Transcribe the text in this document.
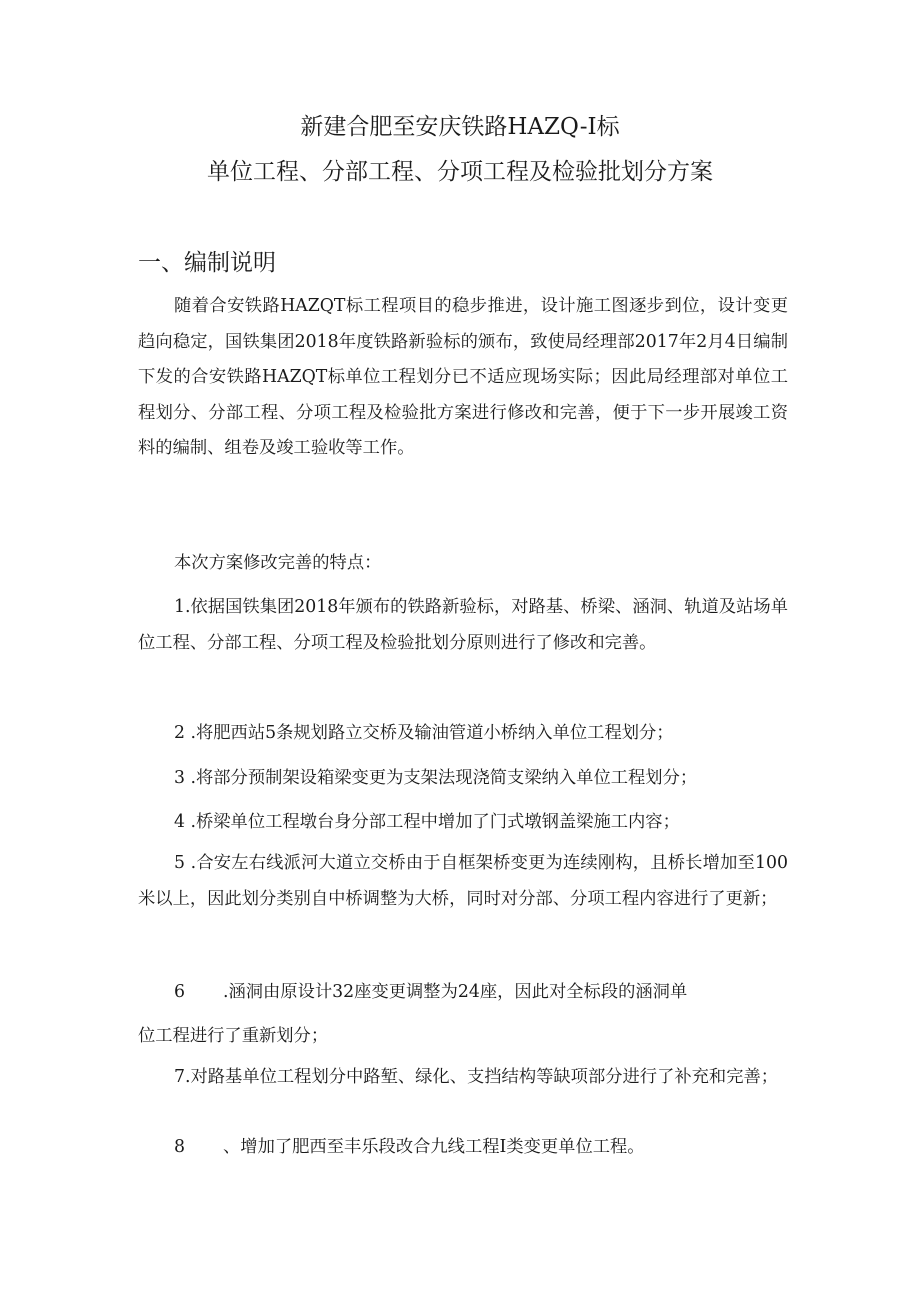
新建合肥至安庆铁路HAZQ-I标
单位工程、分部工程、分项工程及检验批划分方案
一、编制说明

随着合安铁路HAZQT标工程项目的稳步推进，设计施工图逐步到位，设计变更趋向稳定，国铁集团2018年度铁路新验标的颁布，致使局经理部2017年2月4日编制下发的合安铁路HAZQT标单位工程划分已不适应现场实际；因此局经理部对单位工程划分、分部工程、分项工程及检验批方案进行修改和完善，便于下一步开展竣工资料的编制、组卷及竣工验收等工作。

本次方案修改完善的特点：

1.依据国铁集团2018年颁布的铁路新验标，对路基、桥梁、涵洞、轨道及站场单位工程、分部工程、分项工程及检验批划分原则进行了修改和完善。

2 .将肥西站5条规划路立交桥及输油管道小桥纳入单位工程划分；

3 .将部分预制架设箱梁变更为支架法现浇简支梁纳入单位工程划分；

4 .桥梁单位工程墩台身分部工程中增加了门式墩钢盖梁施工内容；

5 .合安左右线派河大道立交桥由于自框架桥变更为连续刚构，且桥长增加至100米以上，因此划分类别自中桥调整为大桥，同时对分部、分项工程内容进行了更新；

6 .涵洞由原设计32座变更调整为24座，因此对全标段的涵洞单

位工程进行了重新划分；

7.对路基单位工程划分中路堑、绿化、支挡结构等缺项部分进行了补充和完善；

8 、增加了肥西至丰乐段改合九线工程I类变更单位工程。
